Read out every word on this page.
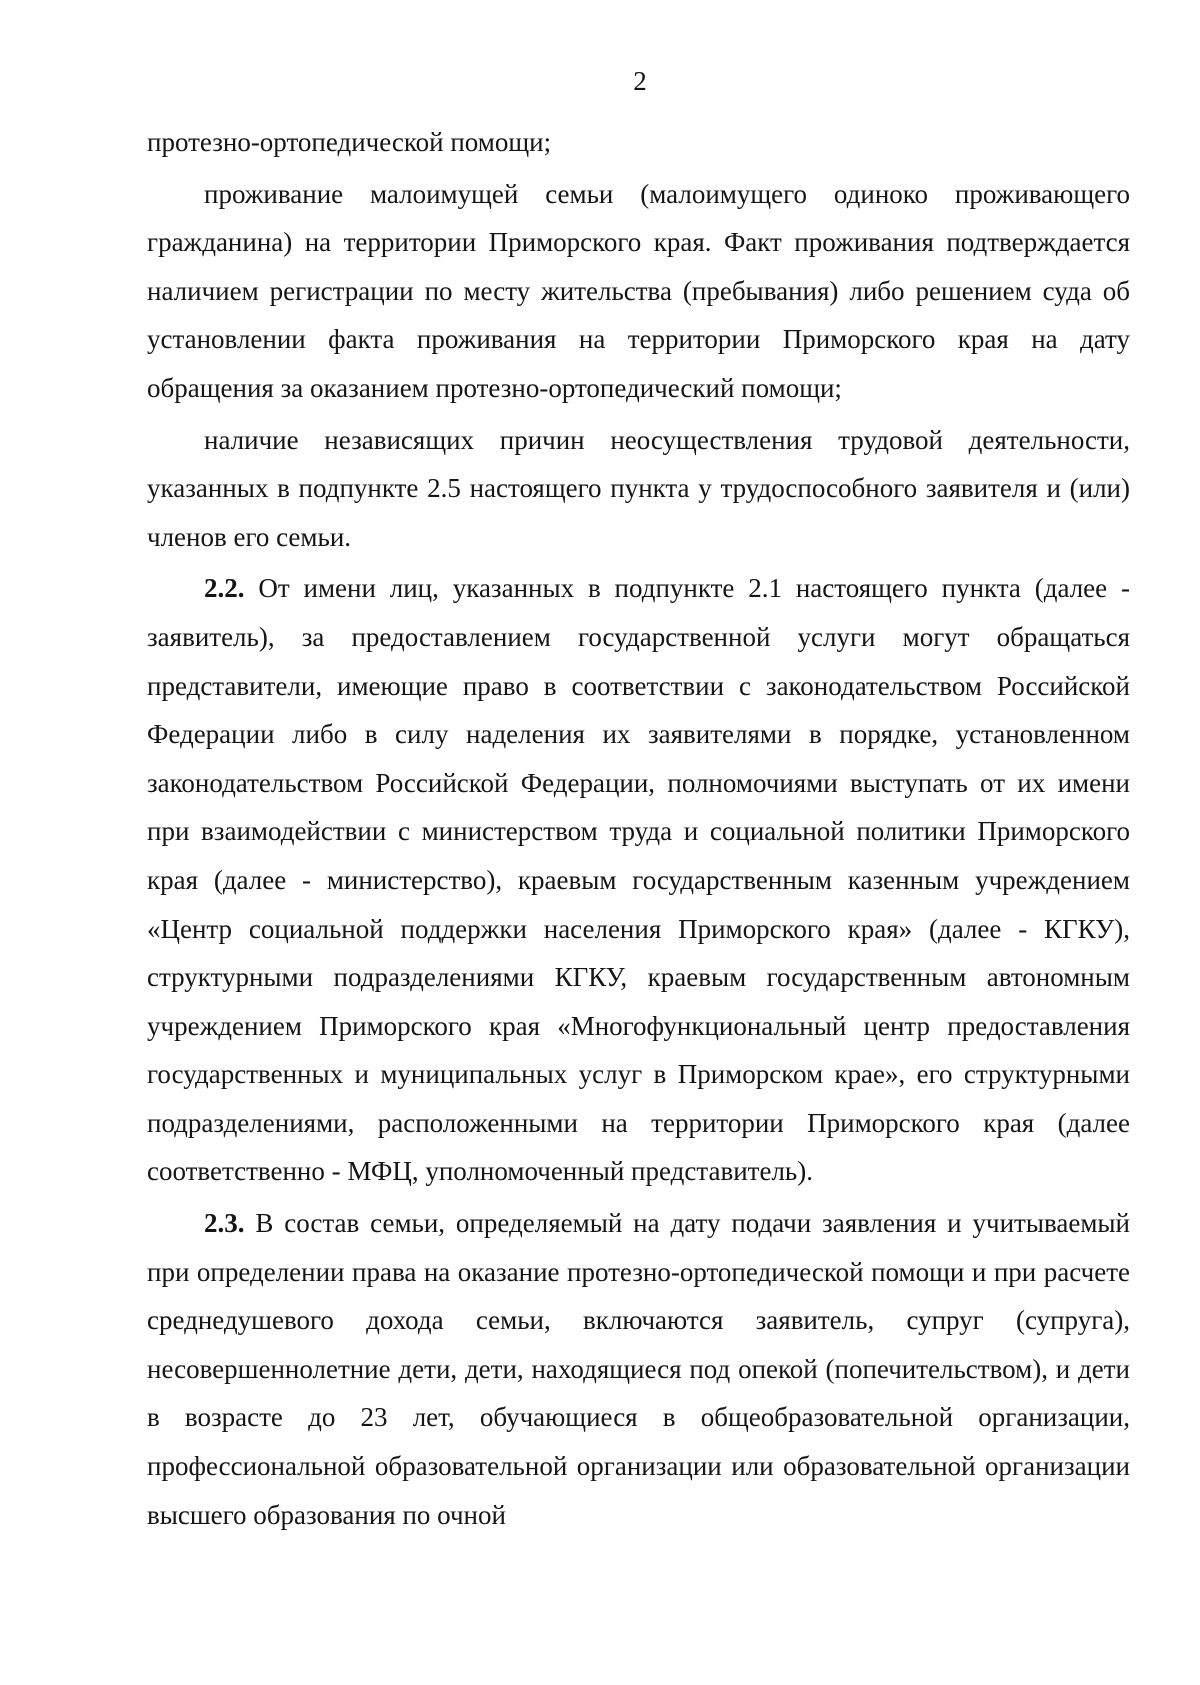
2

протезно-ортопедической помощи;

проживание малоимущей семьи (малоимущего одиноко проживающего гражданина) на территории Приморского края. Факт проживания подтверждается наличием регистрации по месту жительства (пребывания) либо решением суда об установлении факта проживания на территории Приморского края на дату обращения за оказанием протезно-ортопедический помощи;

наличие независящих причин неосуществления трудовой деятельности, указанных в подпункте 2.5 настоящего пункта у трудоспособного заявителя и (или) членов его семьи.

2.2. От имени лиц, указанных в подпункте 2.1 настоящего пункта (далее - заявитель), за предоставлением государственной услуги могут обращаться представители, имеющие право в соответствии с законодательством Российской Федерации либо в силу наделения их заявителями в порядке, установленном законодательством Российской Федерации, полномочиями выступать от их имени при взаимодействии с министерством труда и социальной политики Приморского края (далее - министерство), краевым государственным казенным учреждением «Центр социальной поддержки населения Приморского края» (далее - КГКУ), структурными подразделениями КГКУ, краевым государственным автономным учреждением Приморского края «Многофункциональный центр предоставления государственных и муниципальных услуг в Приморском крае», его структурными подразделениями, расположенными на территории Приморского края (далее соответственно - МФЦ, уполномоченный представитель).

2.3. В состав семьи, определяемый на дату подачи заявления и учитываемый при определении права на оказание протезно-ортопедической помощи и при расчете среднедушевого дохода семьи, включаются заявитель, супруг (супруга), несовершеннолетние дети, дети, находящиеся под опекой (попечительством), и дети в возрасте до 23 лет, обучающиеся в общеобразовательной организации, профессиональной образовательной организации или образовательной организации высшего образования по очной
